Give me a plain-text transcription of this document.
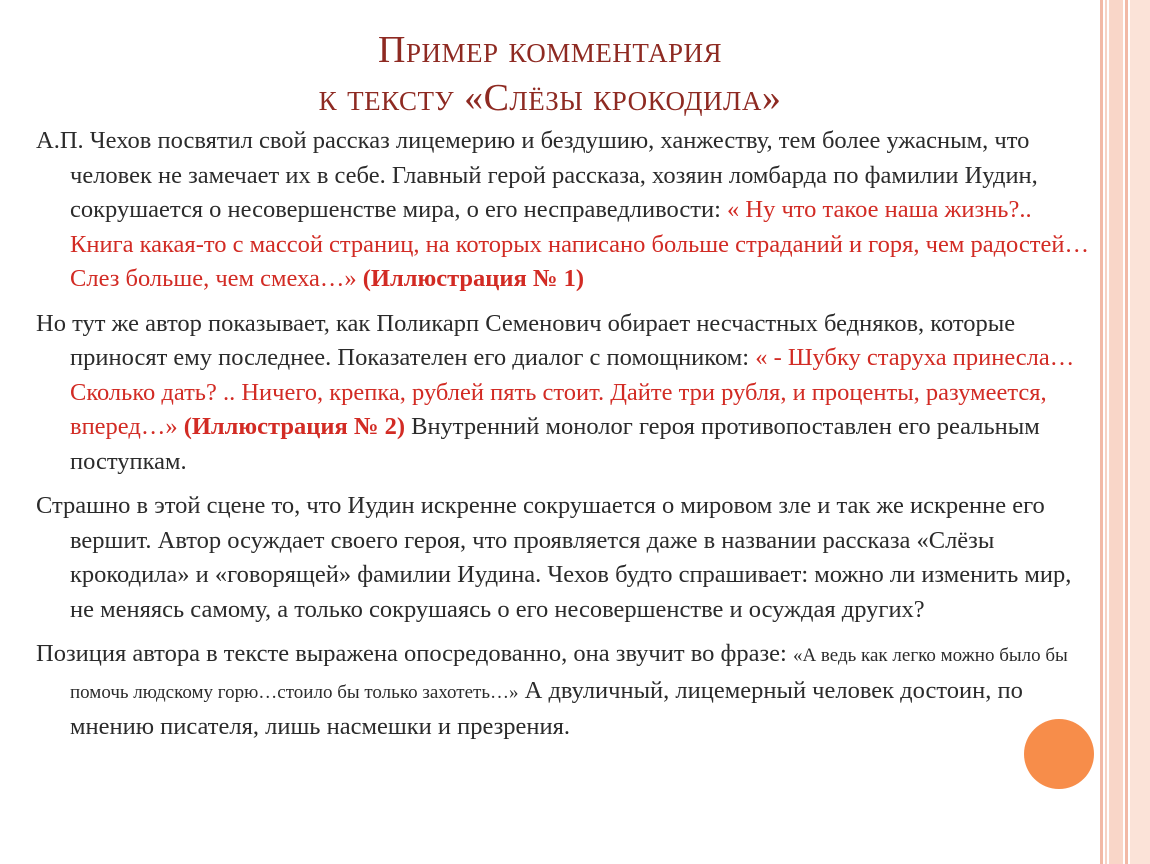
Пример комментария
к тексту «Слёзы крокодила»

А.П. Чехов посвятил свой рассказ лицемерию и бездушию, ханжеству, тем более ужасным, что человек не замечает их в себе. Главный герой рассказа, хозяин ломбарда по фамилии Иудин, сокрушается о несовершенстве мира, о его несправедливости: « Ну что такое наша жизнь?.. Книга какая-то с массой страниц, на которых написано больше страданий и горя, чем радостей… Слез больше, чем смеха…» (Иллюстрация № 1)

Но тут же автор показывает, как Поликарп Семенович обирает несчастных бедняков, которые приносят ему последнее. Показателен его диалог с помощником: « - Шубку старуха принесла…Сколько дать? .. Ничего, крепка, рублей пять стоит. Дайте три рубля, и проценты, разумеется, вперед…» (Иллюстрация № 2) Внутренний монолог героя противопоставлен его реальным поступкам.

Страшно в этой сцене то, что Иудин искренне сокрушается о мировом зле и так же искренне его вершит. Автор осуждает своего героя, что проявляется даже в названии рассказа «Слёзы крокодила» и «говорящей» фамилии Иудина. Чехов будто спрашивает: можно ли изменить мир, не меняясь самому, а только сокрушаясь о его несовершенстве и осуждая других?

Позиция автора в тексте выражена опосредованно, она звучит во фразе: «А ведь как легко можно было бы помочь людскому горю…стоило бы только захотеть…» А двуличный, лицемерный человек достоин, по мнению писателя, лишь насмешки и презрения.
